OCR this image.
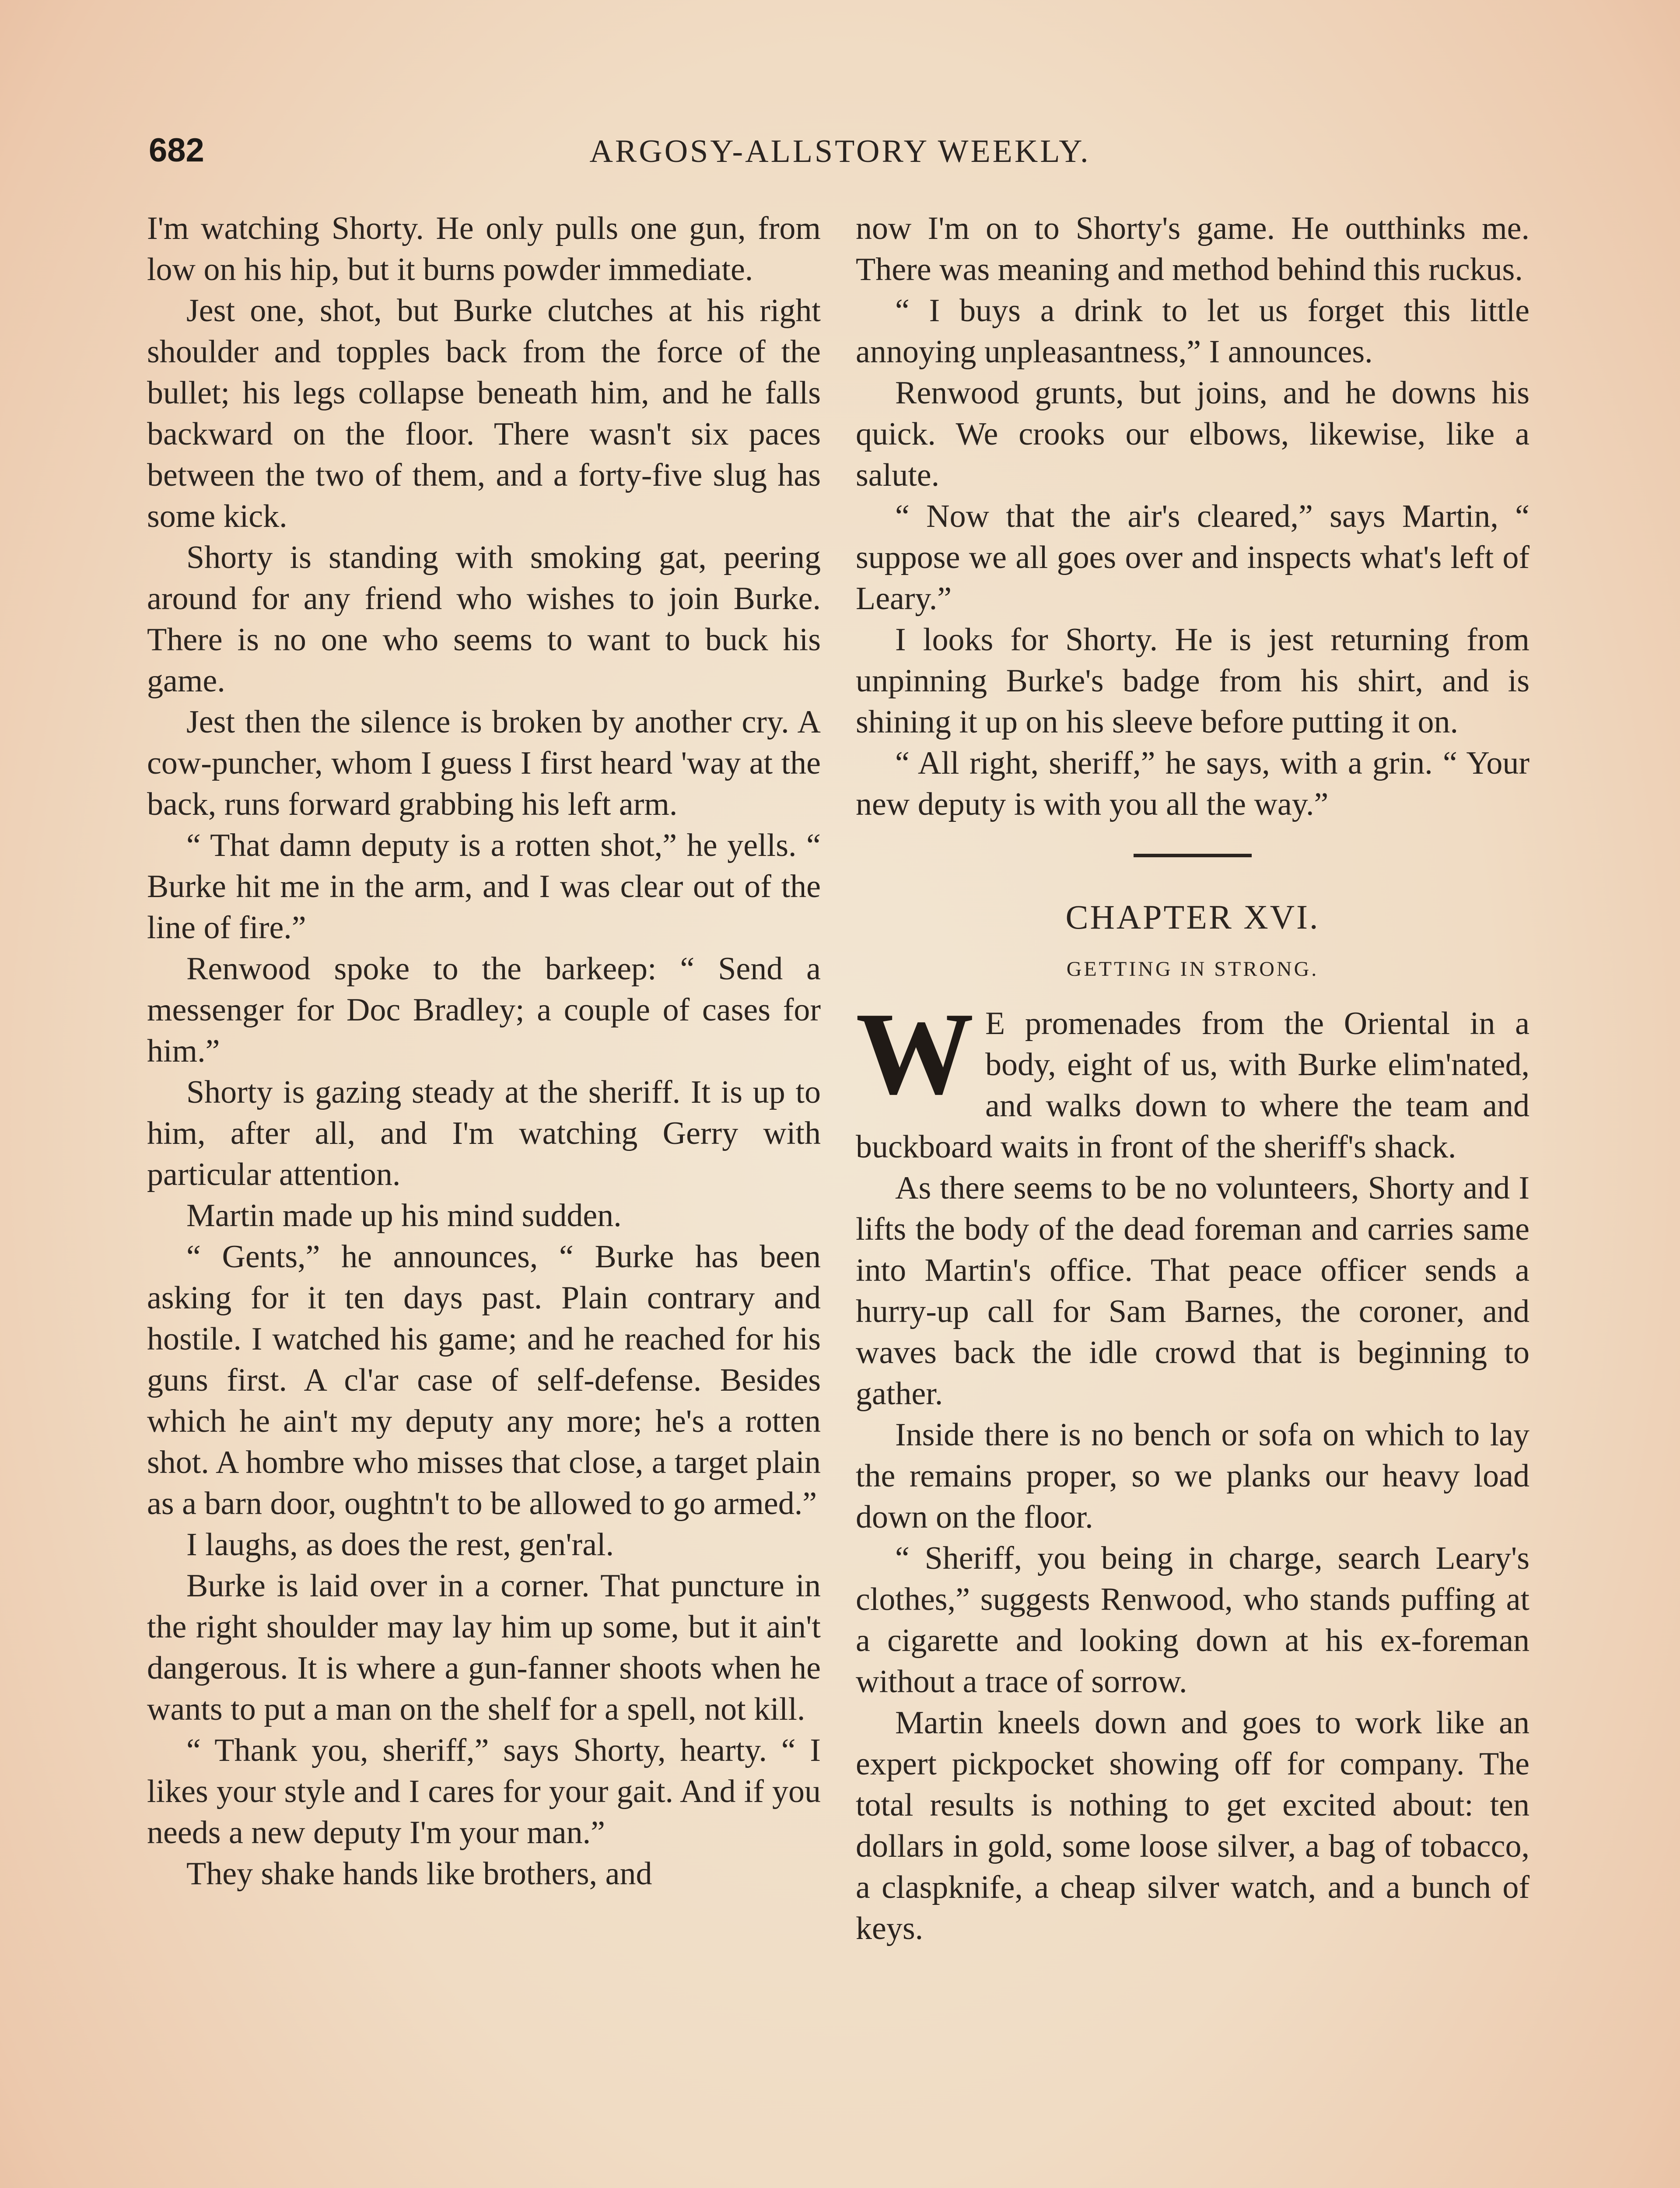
682	ARGOSY-ALLSTORY WEEKLY.

I'm watching Shorty. He only pulls one gun, from low on his hip, but it burns powder immediate.

Jest one, shot, but Burke clutches at his right shoulder and topples back from the force of the bullet; his legs collapse beneath him, and he falls backward on the floor. There wasn't six paces between the two of them, and a forty-five slug has some kick.

Shorty is standing with smoking gat, peering around for any friend who wishes to join Burke. There is no one who seems to want to buck his game.

Jest then the silence is broken by another cry. A cow-puncher, whom I guess I first heard 'way at the back, runs forward grabbing his left arm.

“ That damn deputy is a rotten shot,” he yells. “ Burke hit me in the arm, and I was clear out of the line of fire.”

Renwood spoke to the barkeep: “ Send a messenger for Doc Bradley; a couple of cases for him.”

Shorty is gazing steady at the sheriff. It is up to him, after all, and I'm watching Gerry with particular attention.

Martin made up his mind sudden.

“ Gents,” he announces, “ Burke has been asking for it ten days past. Plain contrary and hostile. I watched his game; and he reached for his guns first. A cl'ar case of self-defense. Besides which he ain't my deputy any more; he's a rotten shot. A hombre who misses that close, a target plain as a barn door, oughtn't to be allowed to go armed.”

I laughs, as does the rest, gen'ral.

Burke is laid over in a corner. That puncture in the right shoulder may lay him up some, but it ain't dangerous. It is where a gun-fanner shoots when he wants to put a man on the shelf for a spell, not kill.

“ Thank you, sheriff,” says Shorty, hearty. “ I likes your style and I cares for your gait. And if you needs a new deputy I'm your man.”

They shake hands like brothers, and

now I'm on to Shorty's game. He outthinks me. There was meaning and method behind this ruckus.

“ I buys a drink to let us forget this little annoying unpleasantness,” I announces.

Renwood grunts, but joins, and he downs his quick. We crooks our elbows, likewise, like a salute.

“ Now that the air's cleared,” says Martin, “ suppose we all goes over and inspects what's left of Leary.”

I looks for Shorty. He is jest returning from unpinning Burke's badge from his shirt, and is shining it up on his sleeve before putting it on.

“ All right, sheriff,” he says, with a grin. “ Your new deputy is with you all the way.”

CHAPTER XVI.
GETTING IN STRONG.

W E promenades from the Oriental in a body, eight of us, with Burke elim'nated, and walks down to where the team and buckboard waits in front of the sheriff's shack.

As there seems to be no volunteers, Shorty and I lifts the body of the dead foreman and carries same into Martin's office. That peace officer sends a hurry-up call for Sam Barnes, the coroner, and waves back the idle crowd that is beginning to gather.

Inside there is no bench or sofa on which to lay the remains proper, so we planks our heavy load down on the floor.

“ Sheriff, you being in charge, search Leary's clothes,” suggests Renwood, who stands puffing at a cigarette and looking down at his ex-foreman without a trace of sorrow.

Martin kneels down and goes to work like an expert pickpocket showing off for company. The total results is nothing to get excited about: ten dollars in gold, some loose silver, a bag of tobacco, a claspknife, a cheap silver watch, and a bunch of keys.
